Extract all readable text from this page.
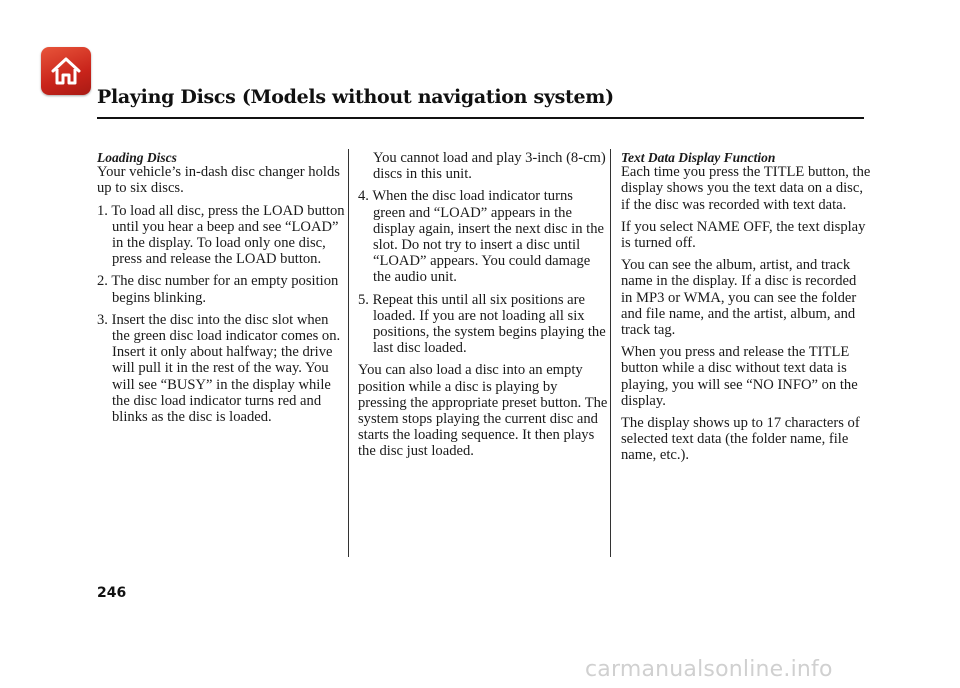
Playing Discs (Models without navigation system)

Loading Discs

Your vehicle’s in-dash disc changer holds up to six discs.

1. To load all disc, press the LOAD button until you hear a beep and see “LOAD” in the display. To load only one disc, press and release the LOAD button.

2. The disc number for an empty position begins blinking.

3. Insert the disc into the disc slot when the green disc load indicator comes on. Insert it only about halfway; the drive will pull it in the rest of the way. You will see “BUSY” in the display while the disc load indicator turns red and blinks as the disc is loaded.

You cannot load and play 3-inch (8-cm) discs in this unit.

4. When the disc load indicator turns green and “LOAD” appears in the display again, insert the next disc in the slot. Do not try to insert a disc until “LOAD” appears. You could damage the audio unit.

5. Repeat this until all six positions are loaded. If you are not loading all six positions, the system begins playing the last disc loaded.

You can also load a disc into an empty position while a disc is playing by pressing the appropriate preset button. The system stops playing the current disc and starts the loading sequence. It then plays the disc just loaded.

Text Data Display Function

Each time you press the TITLE button, the display shows you the text data on a disc, if the disc was recorded with text data.

If you select NAME OFF, the text display is turned off.

You can see the album, artist, and track name in the display. If a disc is recorded in MP3 or WMA, you can see the folder and file name, and the artist, album, and track tag.

When you press and release the TITLE button while a disc without text data is playing, you will see “NO INFO” on the display.

The display shows up to 17 characters of selected text data (the folder name, file name, etc.).

246

carmanualsonline.info
